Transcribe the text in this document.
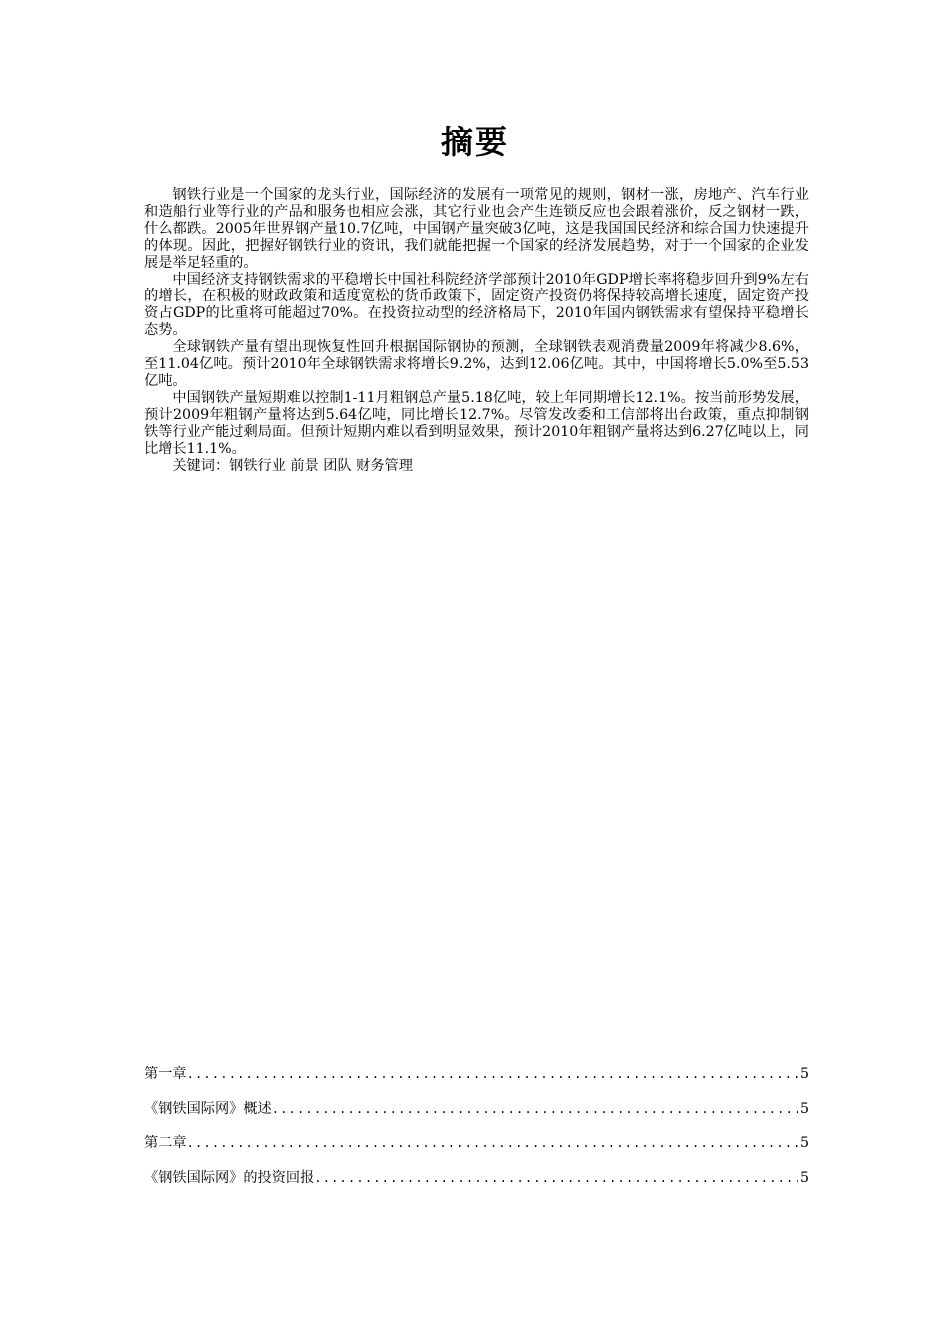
摘要

钢铁行业是一个国家的龙头行业，国际经济的发展有一项常见的规则，钢材一涨，房地产、汽车行业和造船行业等行业的产品和服务也相应会涨，其它行业也会产生连锁反应也会跟着涨价，反之钢材一跌，什么都跌。2005年世界钢产量10.7亿吨，中国钢产量突破3亿吨，这是我国国民经济和综合国力快速提升的体现。因此，把握好钢铁行业的资讯，我们就能把握一个国家的经济发展趋势，对于一个国家的企业发展是举足轻重的。

中国经济支持钢铁需求的平稳增长中国社科院经济学部预计2010年GDP增长率将稳步回升到9%左右的增长，在积极的财政政策和适度宽松的货币政策下，固定资产投资仍将保持较高增长速度，固定资产投资占GDP的比重将可能超过70%。在投资拉动型的经济格局下，2010年国内钢铁需求有望保持平稳增长态势。

全球钢铁产量有望出现恢复性回升根据国际钢协的预测，全球钢铁表观消费量2009年将减少8.6%，至11.04亿吨。预计2010年全球钢铁需求将增长9.2%，达到12.06亿吨。其中，中国将增长5.0%至5.53亿吨。

中国钢铁产量短期难以控制1-11月粗钢总产量5.18亿吨，较上年同期增长12.1%。按当前形势发展，预计2009年粗钢产量将达到5.64亿吨，同比增长12.7%。尽管发改委和工信部将出台政策，重点抑制钢铁等行业产能过剩局面。但预计短期内难以看到明显效果，预计2010年粗钢产量将达到6.27亿吨以上，同比增长11.1%。

关键词：钢铁行业 前景 团队 财务管理

第一章 .....	5
《钢铁国际网》概述 .....	5
第二章 .....	5
《钢铁国际网》的投资回报 .....	5
